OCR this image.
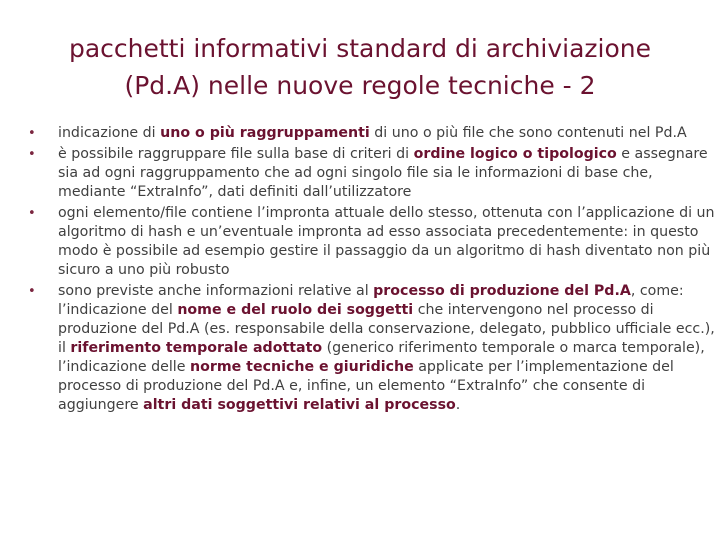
pacchetti informativi standard di archiviazione
(Pd.A) nelle nuove regole tecniche - 2
• indicazione di uno o più raggruppamenti di uno o più file che sono contenuti nel Pd.A
• è possibile raggruppare file sulla base di criteri di ordine logico o tipologico e assegnare sia ad ogni raggruppamento che ad ogni singolo file sia le informazioni di base che, mediante “ExtraInfo”, dati definiti dall’utilizzatore
• ogni elemento/file contiene l’impronta attuale dello stesso, ottenuta con l’applicazione di un algoritmo di hash e un’eventuale impronta ad esso associata precedentemente: in questo modo è possibile ad esempio gestire il passaggio da un algoritmo di hash diventato non più sicuro a uno più robusto
• sono previste anche informazioni relative al processo di produzione del Pd.A, come: l’indicazione del nome e del ruolo dei soggetti che intervengono nel processo di produzione del Pd.A (es. responsabile della conservazione, delegato, pubblico ufficiale ecc.), il riferimento temporale adottato (generico riferimento temporale o marca temporale), l’indicazione delle norme tecniche e giuridiche applicate per l’implementazione del processo di produzione del Pd.A e, infine, un elemento “ExtraInfo” che consente di aggiungere altri dati soggettivi relativi al processo.
